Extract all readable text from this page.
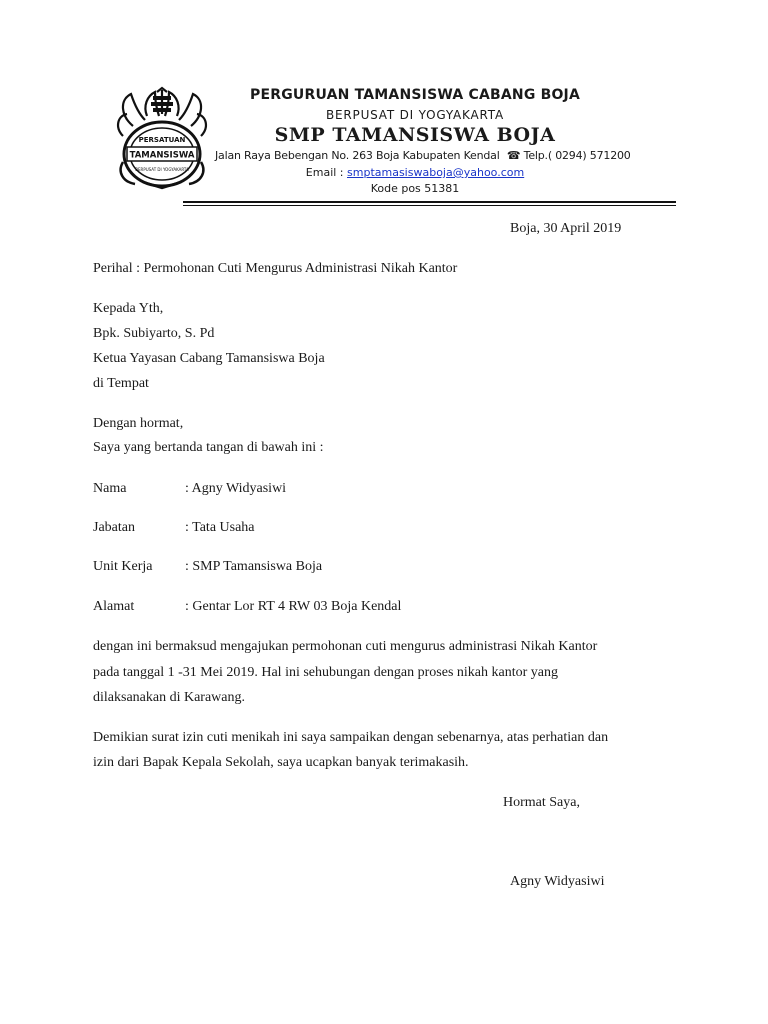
PERSATUAN
TAMANSISWA
BERPUSAT DI YOGYAKARTA
PERGURUAN TAMANSISWA CABANG BOJA
BERPUSAT DI YOGYAKARTA
SMP TAMANSISWA BOJA
Jalan Raya Bebengan No. 263 Boja Kabupaten Kendal ☎ Telp.( 0294) 571200
Email : smptamasiswaboja@yahoo.com
Kode pos 51381
Boja, 30 April 2019
Perihal : Permohonan Cuti Mengurus Administrasi Nikah Kantor
Kepada Yth,
Bpk. Subiyarto, S. Pd
Ketua Yayasan Cabang Tamansiswa Boja
di Tempat
Dengan hormat,
Saya yang bertanda tangan di bawah ini :
Nama	: Agny Widyasiwi
Jabatan	: Tata Usaha
Unit Kerja : SMP Tamansiswa Boja
Alamat	: Gentar Lor RT 4 RW 03 Boja Kendal
dengan ini bermaksud mengajukan permohonan cuti mengurus administrasi Nikah Kantor
pada tanggal 1 -31 Mei 2019. Hal ini sehubungan dengan proses nikah kantor yang
dilaksanakan di Karawang.
Demikian surat izin cuti menikah ini saya sampaikan dengan sebenarnya, atas perhatian dan
izin dari Bapak Kepala Sekolah, saya ucapkan banyak terimakasih.
Hormat Saya,
Agny Widyasiwi
